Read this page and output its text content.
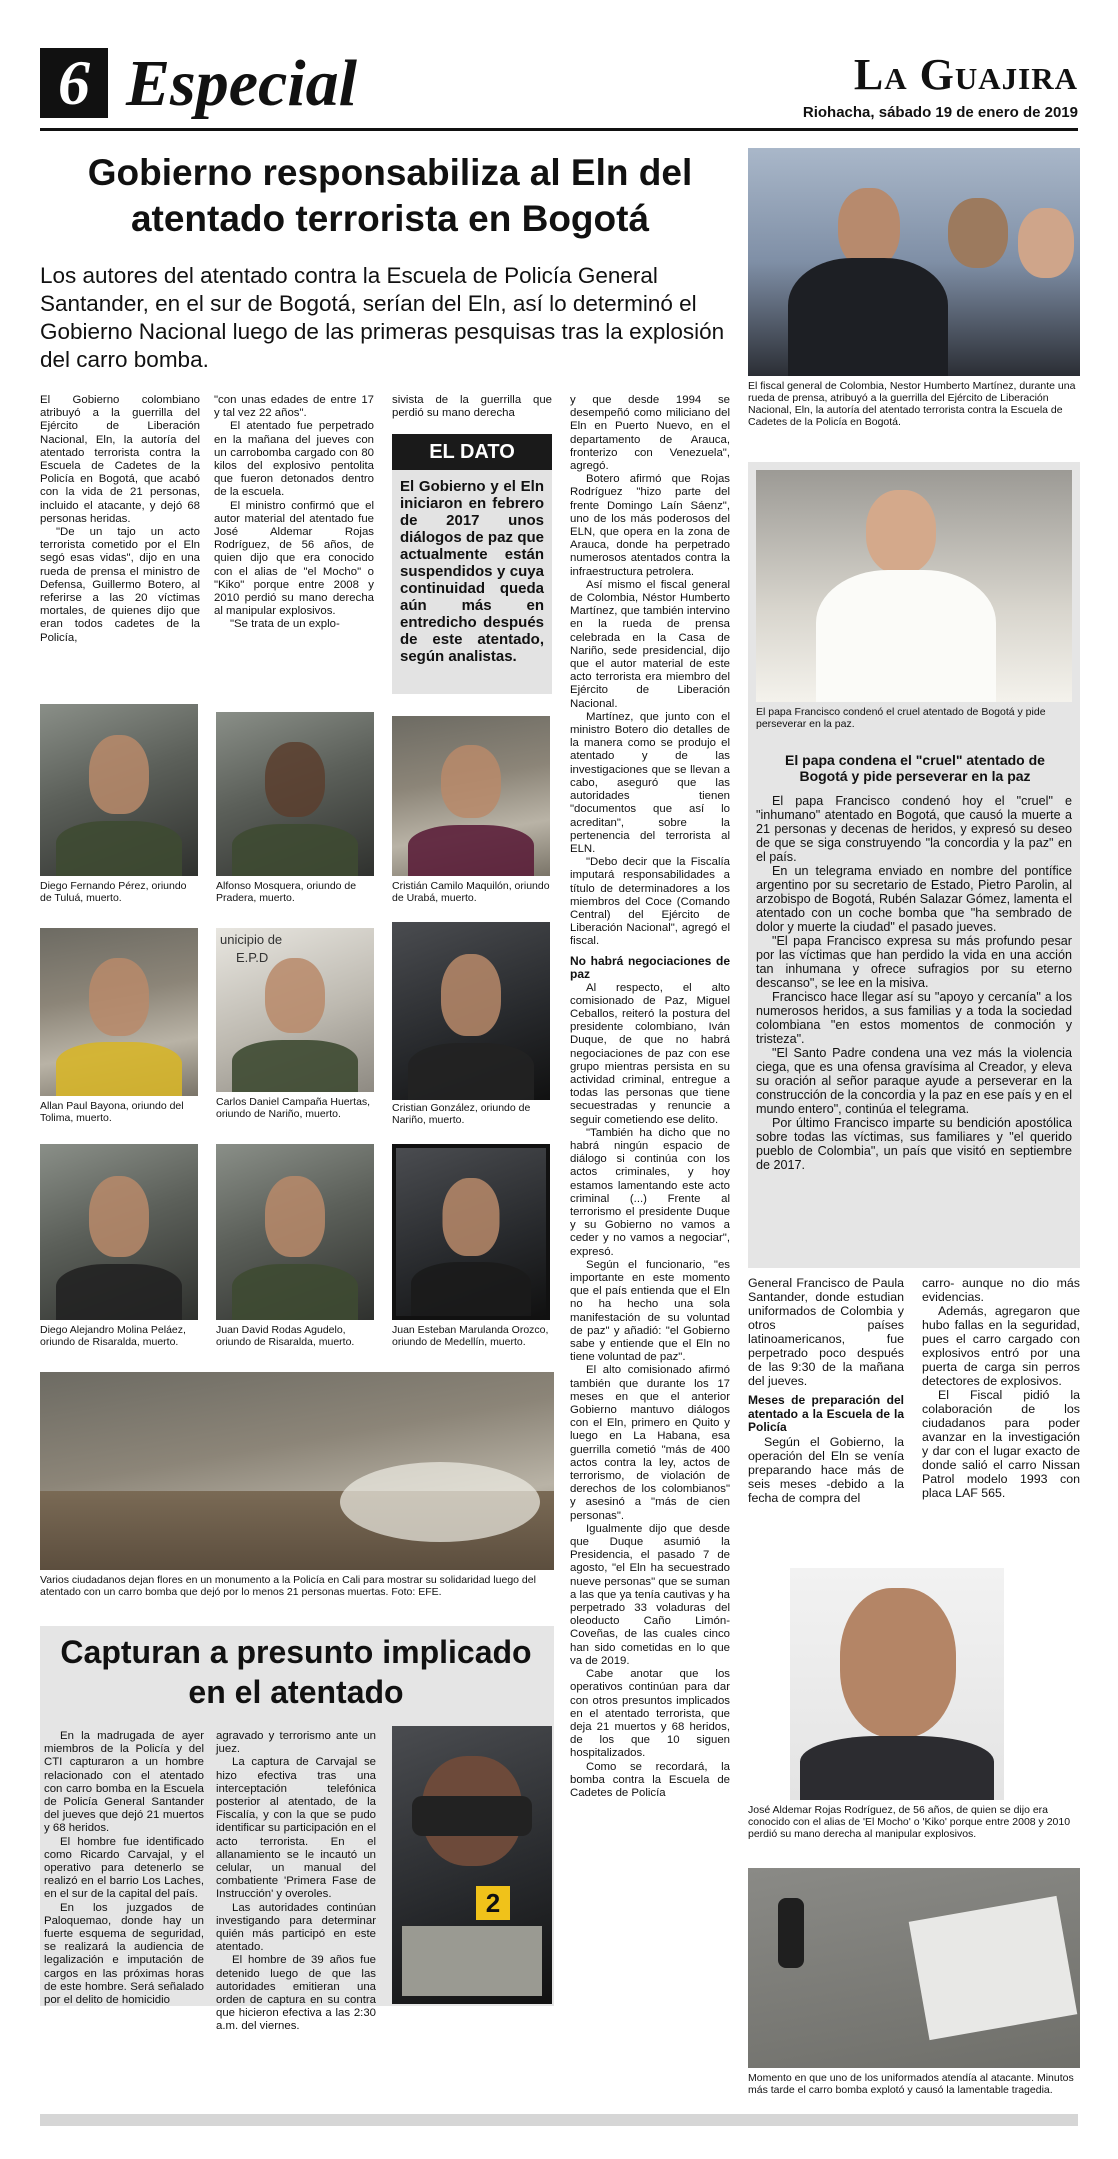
6 Especial	La Guajira
Riohacha, sábado 19 de enero de 2019
Gobierno responsabiliza al Eln del atentado terrorista en Bogotá
Los autores del atentado contra la Escuela de Policía General Santander, en el sur de Bogotá, serían del Eln, así lo determinó el Gobierno Nacional luego de las primeras pesquisas tras la explosión del carro bomba.

El Gobierno colombiano atribuyó a la guerrilla del Ejército de Liberación Nacional, Eln, la autoría del atentado terrorista contra la Escuela de Cadetes de la Policía en Bogotá, que acabó con la vida de 21 personas, incluido el atacante, y dejó 68 personas heridas.

"De un tajo un acto terrorista cometido por el Eln segó esas vidas", dijo en una rueda de prensa el ministro de Defensa, Guillermo Botero, al referirse a las 20 víctimas mortales, de quienes dijo que eran todos cadetes de la Policía,

"con unas edades de entre 17 y tal vez 22 años".

El atentado fue perpetrado en la mañana del jueves con un carrobomba cargado con 80 kilos del explosivo pentolita que fueron detonados dentro de la escuela.

El ministro confirmó que el autor material del atentado fue José Aldemar Rojas Rodríguez, de 56 años, de quien dijo que era conocido con el alias de "el Mocho" o "Kiko" porque entre 2008 y 2010 perdió su mano derecha al manipular explosivos.

"Se trata de un explo-

sivista de la guerrilla que perdió su mano derecha

EL DATO
El Gobierno y el Eln iniciaron en febrero de 2017 unos diálogos de paz que actualmente están suspendidos y cuya continuidad queda aún más en entredicho después de este atentado, según analistas.

y que desde 1994 se desempeñó como miliciano del Eln en Puerto Nuevo, en el departamento de Arauca, fronterizo con Venezuela", agregó.

Botero afirmó que Rojas Rodríguez "hizo parte del frente Domingo Laín Sáenz", uno de los más poderosos del ELN, que opera en la zona de Arauca, donde ha perpetrado numerosos atentados contra la infraestructura petrolera.

Así mismo el fiscal general de Colombia, Néstor Humberto Martínez, que también intervino en la rueda de prensa celebrada en la Casa de Nariño, sede presidencial, dijo que el autor material de este acto terrorista era miembro del Ejército de Liberación Nacional.

Martínez, que junto con el ministro Botero dio detalles de la manera como se produjo el atentado y de las investigaciones que se llevan a cabo, aseguró que las autoridades tienen "documentos que así lo acreditan", sobre la pertenencia del terrorista al ELN.

"Debo decir que la Fiscalía imputará responsabilidades a título de determinadores a los miembros del Coce (Comando Central) del Ejército de Liberación Nacional", agregó el fiscal.

No habrá negociaciones de paz

Al respecto, el alto comisionado de Paz, Miguel Ceballos, reiteró la postura del presidente colombiano, Iván Duque, de que no habrá negociaciones de paz con ese grupo mientras persista en su actividad criminal, entregue a todas las personas que tiene secuestradas y renuncie a seguir cometiendo ese delito.

"También ha dicho que no habrá ningún espacio de diálogo si continúa con los actos criminales, y hoy estamos lamentando este acto criminal (...) Frente al terrorismo el presidente Duque y su Gobierno no vamos a ceder y no vamos a negociar", expresó.

Según el funcionario, "es importante en este momento que el país entienda que el Eln no ha hecho una sola manifestación de su voluntad de paz" y añadió: "el Gobierno sabe y entiende que el Eln no tiene voluntad de paz".

El alto comisionado afirmó también que durante los 17 meses en que el anterior Gobierno mantuvo diálogos con el Eln, primero en Quito y luego en La Habana, esa guerrilla cometió "más de 400 actos contra la ley, actos de terrorismo, de violación de derechos de los colombianos" y asesinó a "más de cien personas".

Igualmente dijo que desde que Duque asumió la Presidencia, el pasado 7 de agosto, "el Eln ha secuestrado nueve personas" que se suman a las que ya tenía cautivas y ha perpetrado 33 voladuras del oleoducto Caño Limón-Coveñas, de las cuales cinco han sido cometidas en lo que va de 2019.

Cabe anotar que los operativos continúan para dar con otros presuntos implicados en el atentado terrorista, que deja 21 muertos y 68 heridos, de los que 10 siguen hospitalizados.

Como se recordará, la bomba contra la Escuela de Cadetes de Policía

Diego Fernando Pérez, oriundo de Tuluá, muerto.
Alfonso Mosquera, oriundo de Pradera, muerto.
Cristián Camilo Maquilón, oriundo de Urabá, muerto.
Allan Paul Bayona, oriundo del Tolima, muerto.
unicipio de
E.P.D
Carlos Daniel Campaña Huertas, oriundo de Nariño, muerto.	Cristian González, oriundo de Nariño, muerto.
Diego Alejandro Molina Peláez, oriundo de Risaralda, muerto.
Juan David Rodas Agudelo, oriundo de Risaralda, muerto.
Juan Esteban Marulanda Orozco, oriundo de Medellín, muerto.
Varios ciudadanos dejan flores en un monumento a la Policía en Cali para mostrar su solidaridad luego del atentado con un carro bomba que dejó por lo menos 21 personas muertas. Foto: EFE.
Capturan a presunto implicado en el atentado

En la madrugada de ayer miembros de la Policía y del CTI capturaron a un hombre relacionado con el atentado con carro bomba en la Escuela de Policía General Santander del jueves que dejó 21 muertos y 68 heridos.

El hombre fue identificado como Ricardo Carvajal, y el operativo para detenerlo se realizó en el barrio Los Laches, en el sur de la capital del país.

En los juzgados de Paloquemao, donde hay un fuerte esquema de seguridad, se realizará la audiencia de legalización e imputación de cargos en las próximas horas de este hombre. Será señalado por el delito de homicidio

agravado y terrorismo ante un juez.

La captura de Carvajal se hizo efectiva tras una interceptación telefónica posterior al atentado, de la Fiscalía, y con la que se pudo identificar su participación en el acto terrorista. En el allanamiento se le incautó un celular, un manual del combatiente 'Primera Fase de Instrucción' y overoles.

Las autoridades continúan investigando para determinar quién más participó en este atentado.

El hombre de 39 años fue detenido luego de que las autoridades emitieran una orden de captura en su contra que hicieron efectiva a las 2:30 a.m. del viernes.

2
El fiscal general de Colombia, Nestor Humberto Martínez, durante una rueda de prensa, atribuyó a la guerrilla del Ejército de Liberación Nacional, Eln, la autoría del atentado terrorista contra la Escuela de Cadetes de la Policía en Bogotá.
El papa Francisco condenó el cruel atentado de Bogotá y pide perseverar en la paz.
El papa condena el "cruel" atentado de Bogotá y pide perseverar en la paz

El papa Francisco condenó hoy el "cruel" e "inhumano" atentado en Bogotá, que causó la muerte a 21 personas y decenas de heridos, y expresó su deseo de que se siga construyendo "la concordia y la paz" en el país.

En un telegrama enviado en nombre del pontífice argentino por su secretario de Estado, Pietro Parolin, al arzobispo de Bogotá, Rubén Salazar Gómez, lamenta el atentado con un coche bomba que "ha sembrado de dolor y muerte la ciudad" el pasado jueves.

"El papa Francisco expresa su más profundo pesar por las víctimas que han perdido la vida en una acción tan inhumana y ofrece sufragios por su eterno descanso", se lee en la misiva.

Francisco hace llegar así su "apoyo y cercanía" a los numerosos heridos, a sus familias y a toda la sociedad colombiana "en estos momentos de conmoción y tristeza".

"El Santo Padre condena una vez más la violencia ciega, que es una ofensa gravísima al Creador, y eleva su oración al señor paraque ayude a perseverar en la construcción de la concordia y la paz en ese país y en el mundo entero", continúa el telegrama.

Por último Francisco imparte su bendición apostólica sobre todas las víctimas, sus familiares y "el querido pueblo de Colombia", un país que visitó en septiembre de 2017.

General Francisco de Paula Santander, donde estudian uniformados de Colombia y otros países latinoamericanos, fue perpetrado poco después de las 9:30 de la mañana del jueves.

Meses de preparación del atentado a la Escuela de la Policía

Según el Gobierno, la operación del Eln se venía preparando hace más de seis meses -debido a la fecha de compra del

carro- aunque no dio más evidencias.

Además, agregaron que hubo fallas en la seguridad, pues el carro cargado con explosivos entró por una puerta de carga sin perros detectores de explosivos.

El Fiscal pidió la colaboración de los ciudadanos para poder avanzar en la investigación y dar con el lugar exacto de donde salió el carro Nissan Patrol modelo 1993 con placa LAF 565.

José Aldemar Rojas Rodríguez, de 56 años, de quien se dijo era conocido con el alias de 'El Mocho' o 'Kiko' porque entre 2008 y 2010 perdió su mano derecha al manipular explosivos.
Momento en que uno de los uniformados atendía al atacante. Minutos más tarde el carro bomba explotó y causó la lamentable tragedia.
